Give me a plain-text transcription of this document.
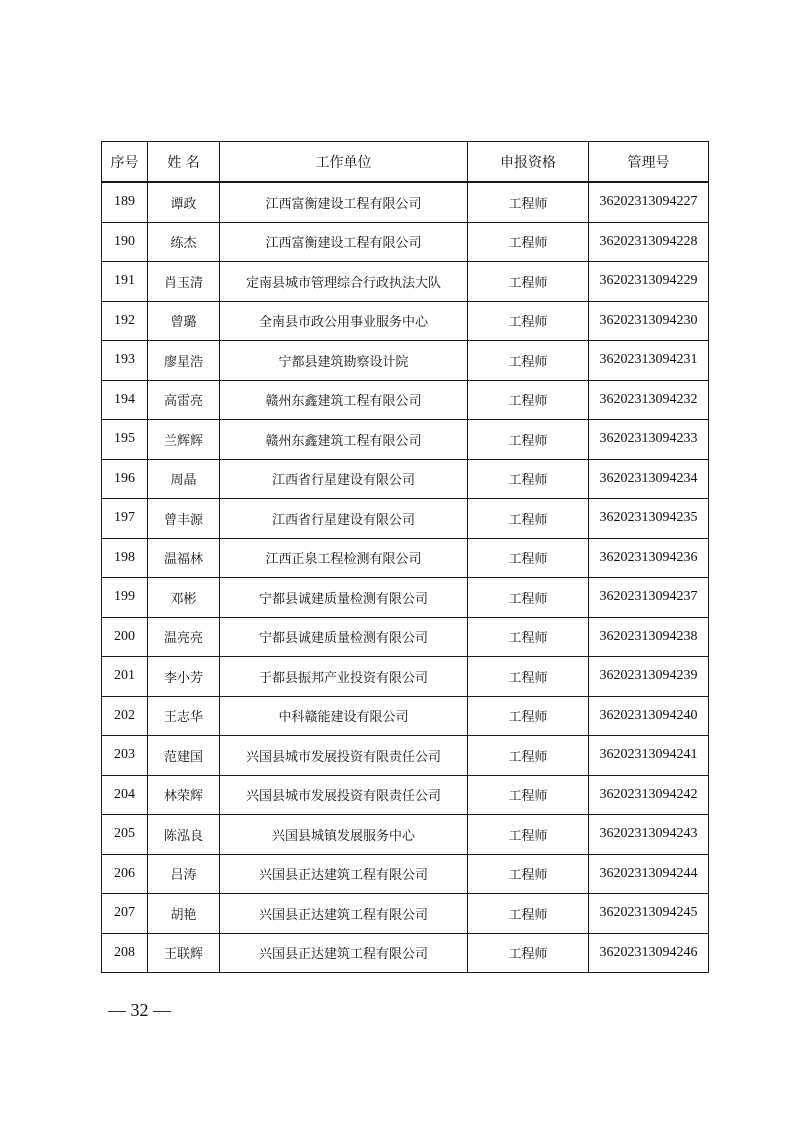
序号	姓 名	工作单位	申报资格	管理号
189	谭政	江西富衡建设工程有限公司	工程师	36202313094227
190	练杰	江西富衡建设工程有限公司	工程师	36202313094228
191	肖玉清	定南县城市管理综合行政执法大队	工程师	36202313094229
192	曾璐	全南县市政公用事业服务中心	工程师	36202313094230
193	廖星浩	宁都县建筑勘察设计院	工程师	36202313094231
194	高雷亮	赣州东鑫建筑工程有限公司	工程师	36202313094232
195	兰辉辉	赣州东鑫建筑工程有限公司	工程师	36202313094233
196	周晶	江西省行星建设有限公司	工程师	36202313094234
197	曾丰源	江西省行星建设有限公司	工程师	36202313094235
198	温福林	江西正泉工程检测有限公司	工程师	36202313094236
199	邓彬	宁都县诚建质量检测有限公司	工程师	36202313094237
200	温亮亮	宁都县诚建质量检测有限公司	工程师	36202313094238
201	李小芳	于都县振邦产业投资有限公司	工程师	36202313094239
202	王志华	中科赣能建设有限公司	工程师	36202313094240
203	范建国	兴国县城市发展投资有限责任公司	工程师	36202313094241
204	林荣辉	兴国县城市发展投资有限责任公司	工程师	36202313094242
205	陈泓良	兴国县城镇发展服务中心	工程师	36202313094243
206	吕涛	兴国县正达建筑工程有限公司	工程师	36202313094244
207	胡艳	兴国县正达建筑工程有限公司	工程师	36202313094245
208	王联辉	兴国县正达建筑工程有限公司	工程师	36202313094246
— 32 —
